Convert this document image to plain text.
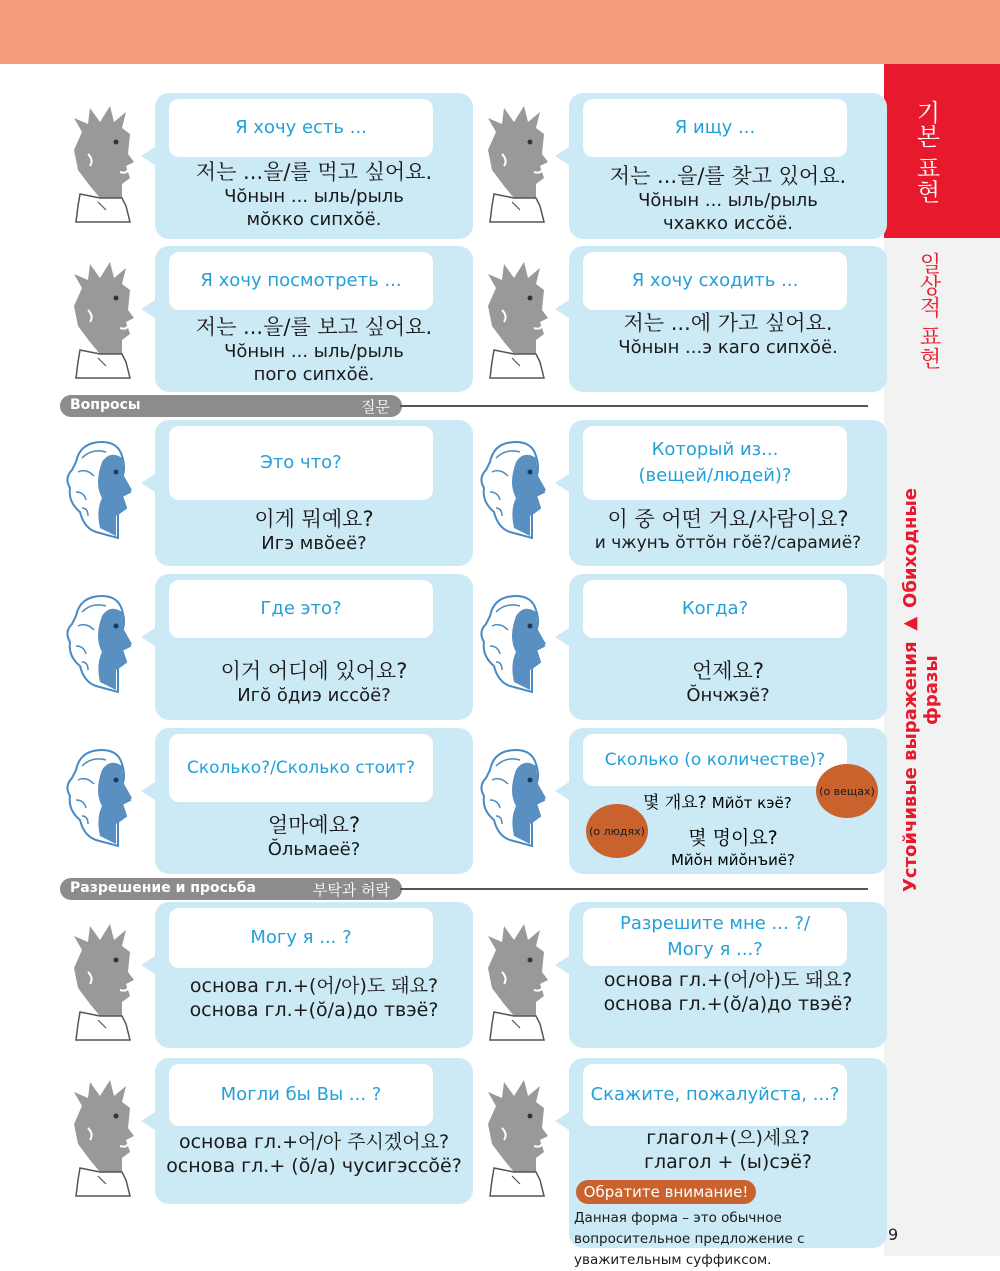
기본 표현
일상적 표현
Устойчивые выражения ▶ Обиходные фразы
Я хочу есть ...
저는 ...을/를 먹고 싶어요.
Чŏнын ... ыль/рыль
мŏкко сипхŏё.
Я ищу ...
저는 ...을/를 찾고 있어요.
Чŏнын ... ыль/рыль
чхакко иссŏё.
Я хочу посмотреть ...
저는 ...을/를 보고 싶어요.
Чŏнын ... ыль/рыль
пого сипхŏё.
Я хочу сходить ...
저는 ...에 가고 싶어요.
Чŏнын ...э каго сипхŏё.
Вопросы	질문
Это что?
이게 뭐예요?
Игэ мвŏеё?
Который из...
(вещей/людей)?
이 중 어떤 거요/사람이요?
и чжунъ ŏттŏн гŏё?/сарамиё?
Где это?
이거 어디에 있어요?
Игŏ ŏдиэ иссŏё?
Когда?
언제요?
Ŏнчжэё?
Сколько?/Сколько стоит?
얼마예요?
Ŏльмаеё?
Сколько (о количестве)?
몇 개요? Мйŏт кэё?
몇 명이요?
Мйŏн мйŏнъиё?
(о вещах)
(о людях)
Разрешение и просьба	부탁과 허락
Могу я ... ?
основа гл.+(어/아)도 돼요?
основа гл.+(ŏ/а)до твэё?
Разрешите мне ... ?/
Могу я ...?
основа гл.+(어/아)도 돼요?
основа гл.+(ŏ/а)до твэё?
Могли бы Вы ... ?
основа гл.+어/아 주시겠어요?
основа гл.+ (ŏ/а) чусигэссŏё?
Скажите, пожалуйста, ...?
глагол+(으)세요?
глагол + (ы)сэё?
Обратите внимание!
Данная форма – это обычное вопросительное предложение с уважительным суффиксом.
9
